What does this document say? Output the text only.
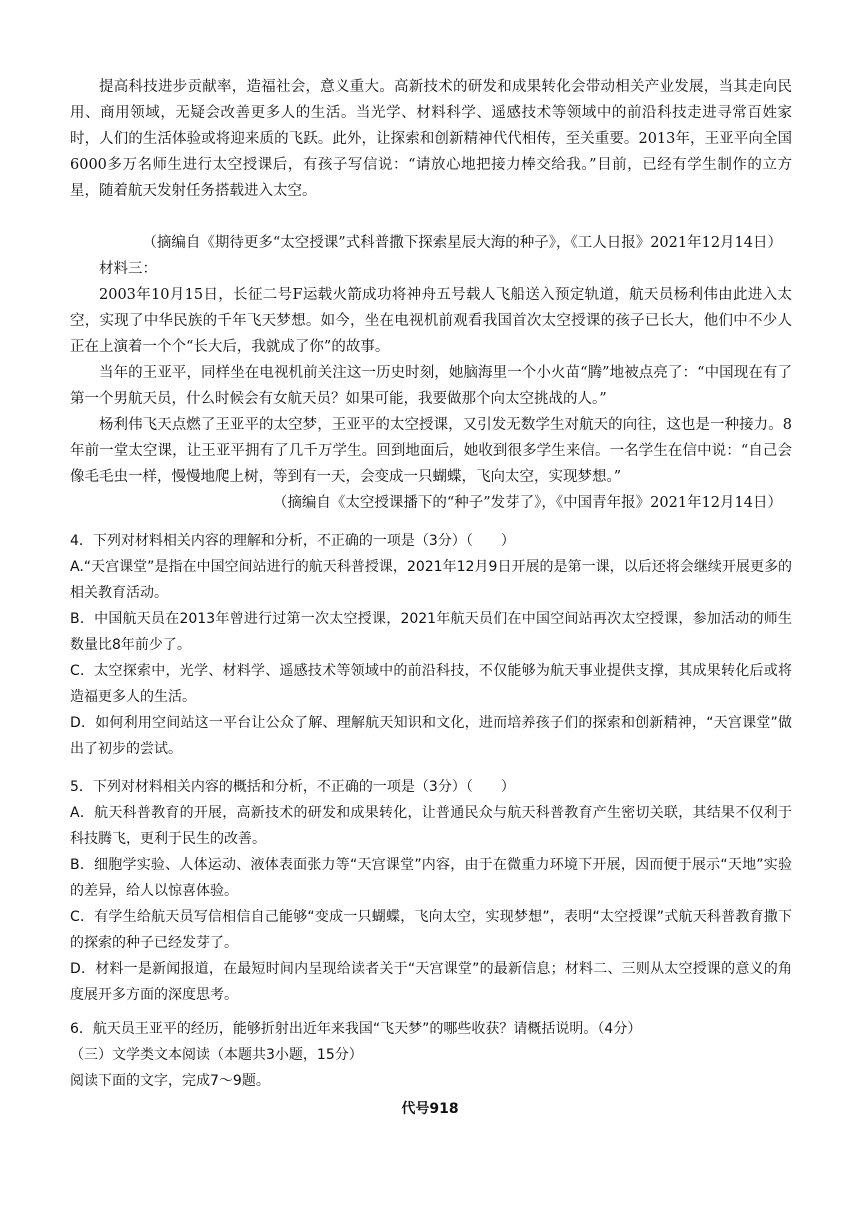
提高科技进步贡献率，造福社会，意义重大。高新技术的研发和成果转化会带动相关产业发展，当其走向民用、商用领域，无疑会改善更多人的生活。当光学、材料科学、遥感技术等领域中的前沿科技走进寻常百姓家时，人们的生活体验或将迎来质的飞跃。此外，让探索和创新精神代代相传，至关重要。2013年，王亚平向全国6000多万名师生进行太空授课后，有孩子写信说：“请放心地把接力棒交给我。”目前，已经有学生制作的立方星，随着航天发射任务搭载进入太空。

（摘编自《期待更多“太空授课”式科普撒下探索星辰大海的种子》，《工人日报》2021年12月14日）

材料三：

2003年10月15日，长征二号F运载火箭成功将神舟五号载人飞船送入预定轨道，航天员杨利伟由此进入太空，实现了中华民族的千年飞天梦想。如今，坐在电视机前观看我国首次太空授课的孩子已长大，他们中不少人正在上演着一个个“长大后，我就成了你”的故事。

当年的王亚平，同样坐在电视机前关注这一历史时刻，她脑海里一个小火苗“腾”地被点亮了：“中国现在有了第一个男航天员，什么时候会有女航天员？如果可能，我要做那个向太空挑战的人。”

杨利伟飞天点燃了王亚平的太空梦，王亚平的太空授课，又引发无数学生对航天的向往，这也是一种接力。8年前一堂太空课，让王亚平拥有了几千万学生。回到地面后，她收到很多学生来信。一名学生在信中说：“自己会像毛毛虫一样，慢慢地爬上树，等到有一天，会变成一只蝴蝶，飞向太空，实现梦想。”

（摘编自《太空授课播下的“种子”发芽了》，《中国青年报》2021年12月14日）

4．下列对材料相关内容的理解和分析，不正确的一项是（3分）（　　）

A.“天宫课堂”是指在中国空间站进行的航天科普授课，2021年12月9日开展的是第一课，以后还将会继续开展更多的相关教育活动。

B．中国航天员在2013年曾进行过第一次太空授课，2021年航天员们在中国空间站再次太空授课，参加活动的师生数量比8年前少了。

C．太空探索中，光学、材料学、遥感技术等领域中的前沿科技，不仅能够为航天事业提供支撑，其成果转化后或将造福更多人的生活。

D．如何利用空间站这一平台让公众了解、理解航天知识和文化，进而培养孩子们的探索和创新精神，“天宫课堂”做出了初步的尝试。

5．下列对材料相关内容的概括和分析，不正确的一项是（3分）（　　）

A．航天科普教育的开展，高新技术的研发和成果转化，让普通民众与航天科普教育产生密切关联，其结果不仅利于科技腾飞，更利于民生的改善。

B．细胞学实验、人体运动、液体表面张力等“天宫课堂”内容，由于在微重力环境下开展，因而便于展示“天地”实验的差异，给人以惊喜体验。

C．有学生给航天员写信相信自己能够“变成一只蝴蝶，飞向太空，实现梦想”，表明“太空授课”式航天科普教育撒下的探索的种子已经发芽了。

D．材料一是新闻报道，在最短时间内呈现给读者关于“天宫课堂”的最新信息；材料二、三则从太空授课的意义的角度展开多方面的深度思考。

6．航天员王亚平的经历，能够折射出近年来我国“飞天梦”的哪些收获？请概括说明。（4分）

（三）文学类文本阅读（本题共3小题，15分）

阅读下面的文字，完成7～9题。

代号918
